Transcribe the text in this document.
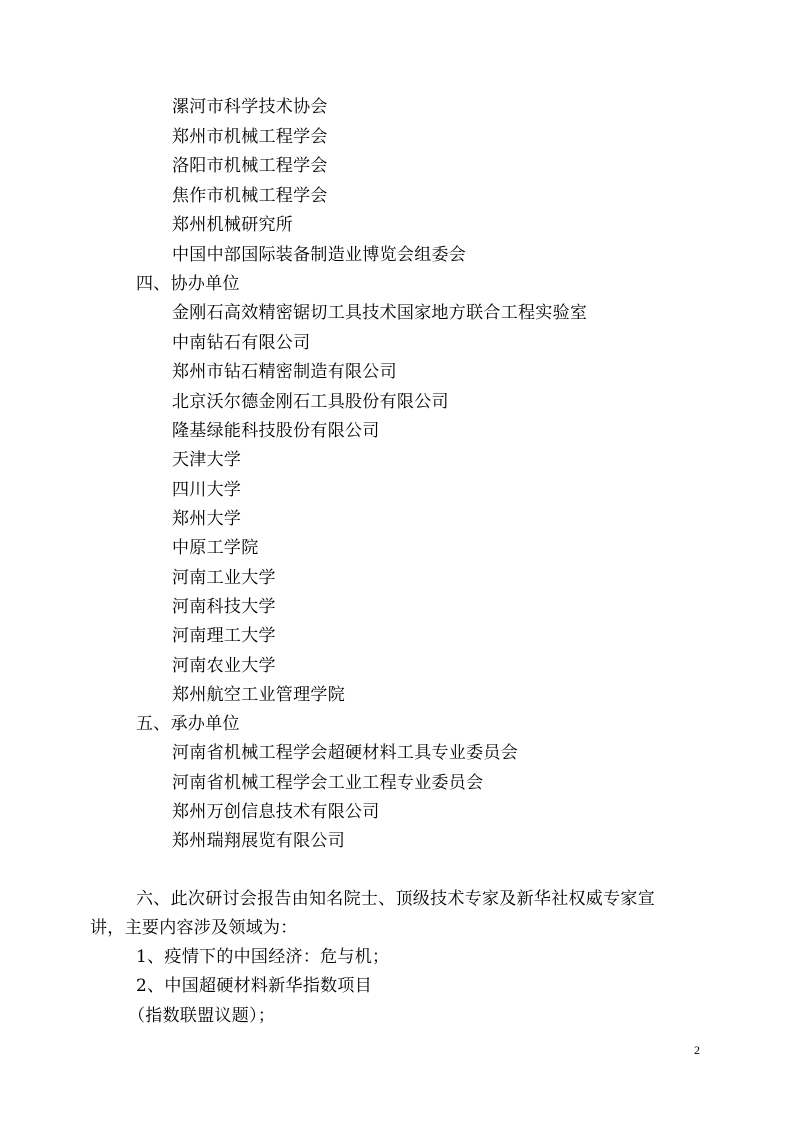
漯河市科学技术协会
郑州市机械工程学会
洛阳市机械工程学会
焦作市机械工程学会
郑州机械研究所
中国中部国际装备制造业博览会组委会
四、协办单位
金刚石高效精密锯切工具技术国家地方联合工程实验室
中南钻石有限公司
郑州市钻石精密制造有限公司
北京沃尔德金刚石工具股份有限公司
隆基绿能科技股份有限公司
天津大学
四川大学
郑州大学
中原工学院
河南工业大学
河南科技大学
河南理工大学
河南农业大学
郑州航空工业管理学院
五、承办单位
河南省机械工程学会超硬材料工具专业委员会
河南省机械工程学会工业工程专业委员会
郑州万创信息技术有限公司
郑州瑞翔展览有限公司
六、此次研讨会报告由知名院士、顶级技术专家及新华社权威专家宣
讲，主要内容涉及领域为：
1、疫情下的中国经济：危与机；
2、中国超硬材料新华指数项目
（指数联盟议题）；
2
